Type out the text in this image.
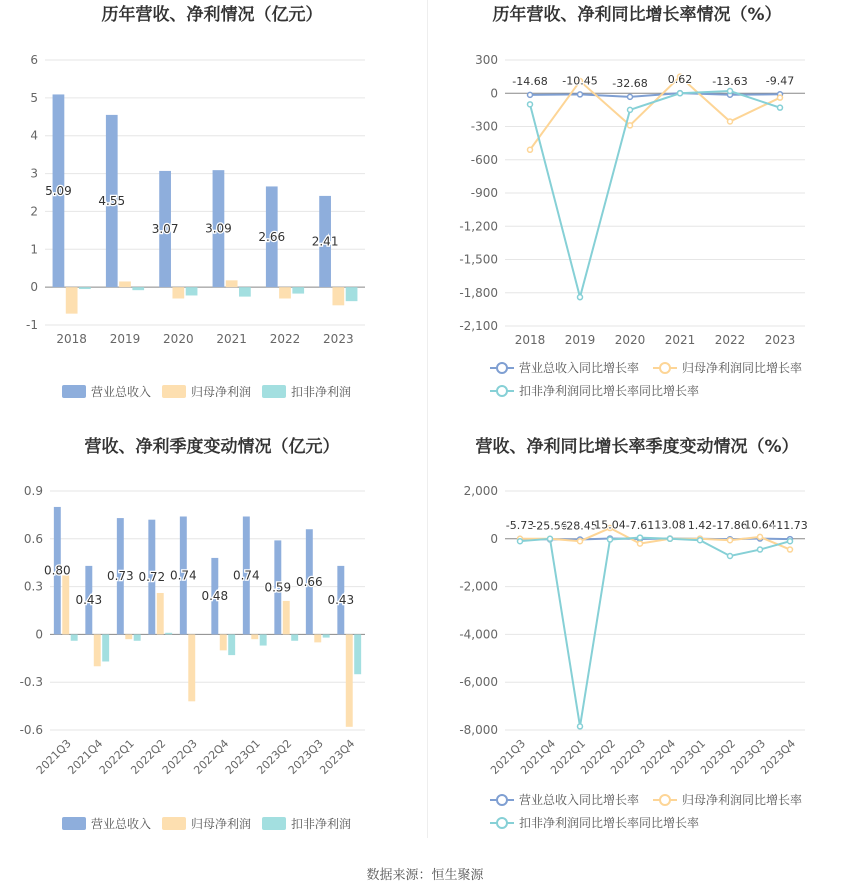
历年营收、净利情况（亿元）
6
5
4
3
2
1
0
-1
2018 2019 2020 2021 2022 2023
5.09
4.55
3.07 3.09
2.66 2.41
营业总收入	归母净利润	扣非净利润
历年营收、净利同比增长率情况（%）
300
0
-300
-600
-900
-1,200
-1,500
-1,800
-2,100
2018 2019 2020 2021 2022 2023
-14.68 -10.45 -32.68 0.62 -13.63 -9.47
营业总收入同比增长率	归母净利润同比增长率
扣非净利润同比增长率同比增长率
营收、净利季度变动情况（亿元）
0.9
0.6
0.3
0
-0.3
-0.6
2021Q3
2021Q4
2022Q1
2022Q2
2022Q3
2022Q4
2023Q1
2023Q2
2023Q3
2023Q4
0.80
0.43
0.73 0.72 0.74
0.48
0.74
0.59 0.66
0.43
营业总收入	归母净利润	扣非净利润
营收、净利同比增长率季度变动情况（%）
2,000
0
-2,000
-4,000
-6,000
-8,000
2021Q3
2021Q4
2022Q1
2022Q2
2022Q3
2022Q4
2023Q1
2023Q2
2023Q3
2023Q4
-5.73
-25.56
-28.45
15.04 -7.61 13.08 1.42 -17.86
10.64
-11.73
营业总收入同比增长率	归母净利润同比增长率
扣非净利润同比增长率同比增长率
数据来源：恒生聚源
